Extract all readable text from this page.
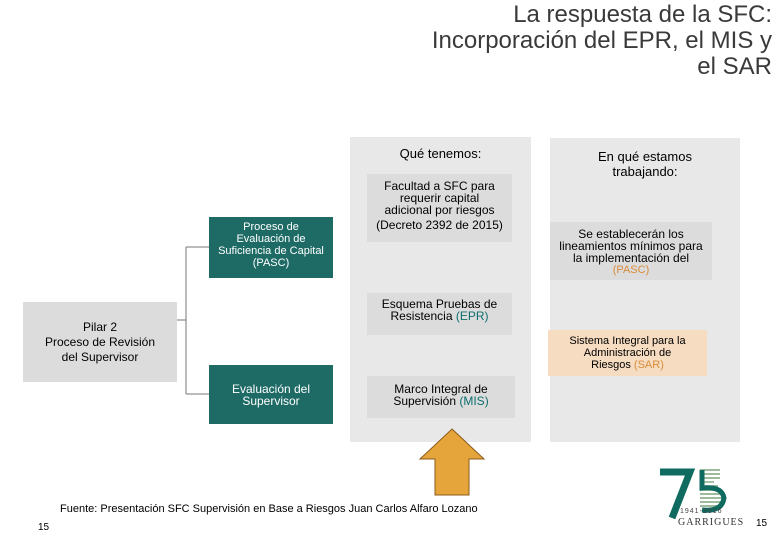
La respuesta de la SFC:
Incorporación del EPR, el MIS y
el SAR
Qué tenemos:	En qué estamos
trabajando:
Pilar 2
Proceso de Revisión
del Supervisor
Proceso de
Evaluación de
Suficiencia de Capital
(PASC)
Evaluación del
Supervisor
Facultad a SFC para
requerir capital
adicional por riesgos
(Decreto 2392 de 2015)
Esquema Pruebas de
Resistencia (EPR)
Marco Integral de
Supervisión (MIS)
Se establecerán los
lineamientos mínimos para
la implementación del
(PASC)
Sistema Integral para la
Administración de
Riesgos (SAR)
Fuente: Presentación SFC Supervisión en Base a Riesgos Juan Carlos Alfaro Lozano
15
1941-2016
GARRIGUES 15
